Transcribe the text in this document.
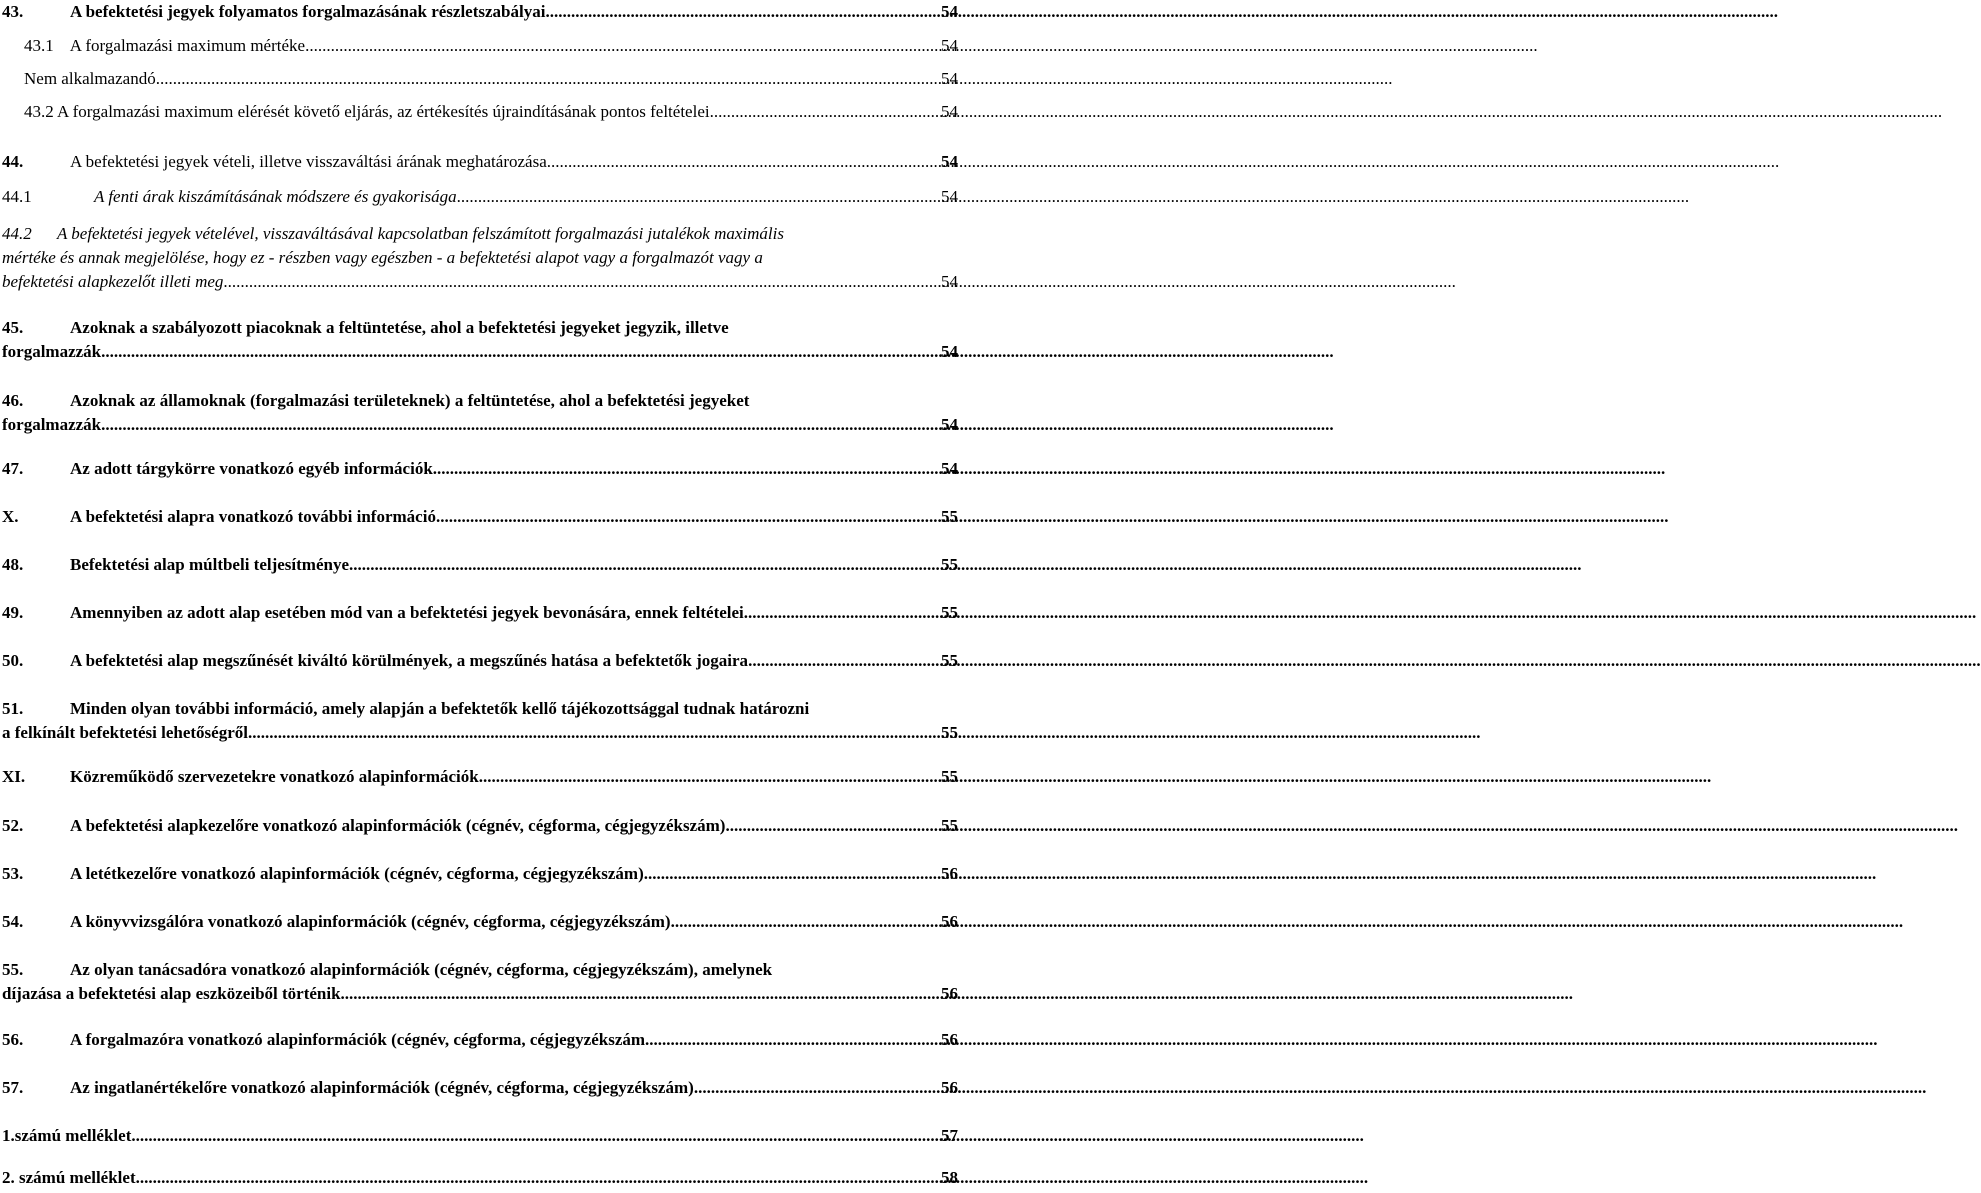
43.	A befektetési jegyek folyamatos forgalmazásának részletszabályai .....	54
43.1    A forgalmazási maximum mértéke .....	54
Nem alkalmazandó. .....	54
43.2 A forgalmazási maximum elérését követő eljárás, az értékesítés újraindításának pontos feltételei .....	54
44.	A befektetési jegyek vételi, illetve visszaváltási árának meghatározása .....	54
44.1	A fenti árak kiszámításának módszere és gyakorisága .....	54
44.2      A befektetési jegyek vételével, visszaváltásával kapcsolatban felszámított forgalmazási jutalékok maximális
mértéke és annak megjelölése, hogy ez - részben vagy egészben - a befektetési alapot vagy a forgalmazót vagy a
befektetési alapkezelőt illeti meg .....	54
45.	Azoknak a szabályozott piacoknak a feltüntetése, ahol a befektetési jegyeket jegyzik, illetve
forgalmazzák .....	54
46.	Azoknak az államoknak (forgalmazási területeknek) a feltüntetése, ahol a befektetési jegyeket
forgalmazzák .....	54
47.	Az adott tárgykörre vonatkozó egyéb információk .....	54
X.	A befektetési alapra vonatkozó további információ .....	55
48.	Befektetési alap múltbeli teljesítménye .....	55
49.	Amennyiben az adott alap esetében mód van a befektetési jegyek bevonására, ennek feltételei .....	55
50.	A befektetési alap megszűnését kiváltó körülmények, a megszűnés hatása a befektetők jogaira .....	55
51.	Minden olyan további információ, amely alapján a befektetők kellő tájékozottsággal tudnak határozni
a felkínált befektetési lehetőségről .....	55
XI.	Közreműködő szervezetekre vonatkozó alapinformációk .....	55
52.	A befektetési alapkezelőre vonatkozó alapinformációk (cégnév, cégforma, cégjegyzékszám) .....	55
53.	A letétkezelőre vonatkozó alapinformációk (cégnév, cégforma, cégjegyzékszám) .....	56
54.	A könyvvizsgálóra vonatkozó alapinformációk (cégnév, cégforma, cégjegyzékszám) .....	56
55.	Az olyan tanácsadóra vonatkozó alapinformációk (cégnév, cégforma, cégjegyzékszám), amelynek
díjazása a befektetési alap eszközeiből történik .....	56
56.	A forgalmazóra vonatkozó alapinformációk (cégnév, cégforma, cégjegyzékszám .....	56
57.	Az ingatlanértékelőre vonatkozó alapinformációk (cégnév, cégforma, cégjegyzékszám) .....	56
1.számú melléklet .....	57
2. számú melléklet .....	58
